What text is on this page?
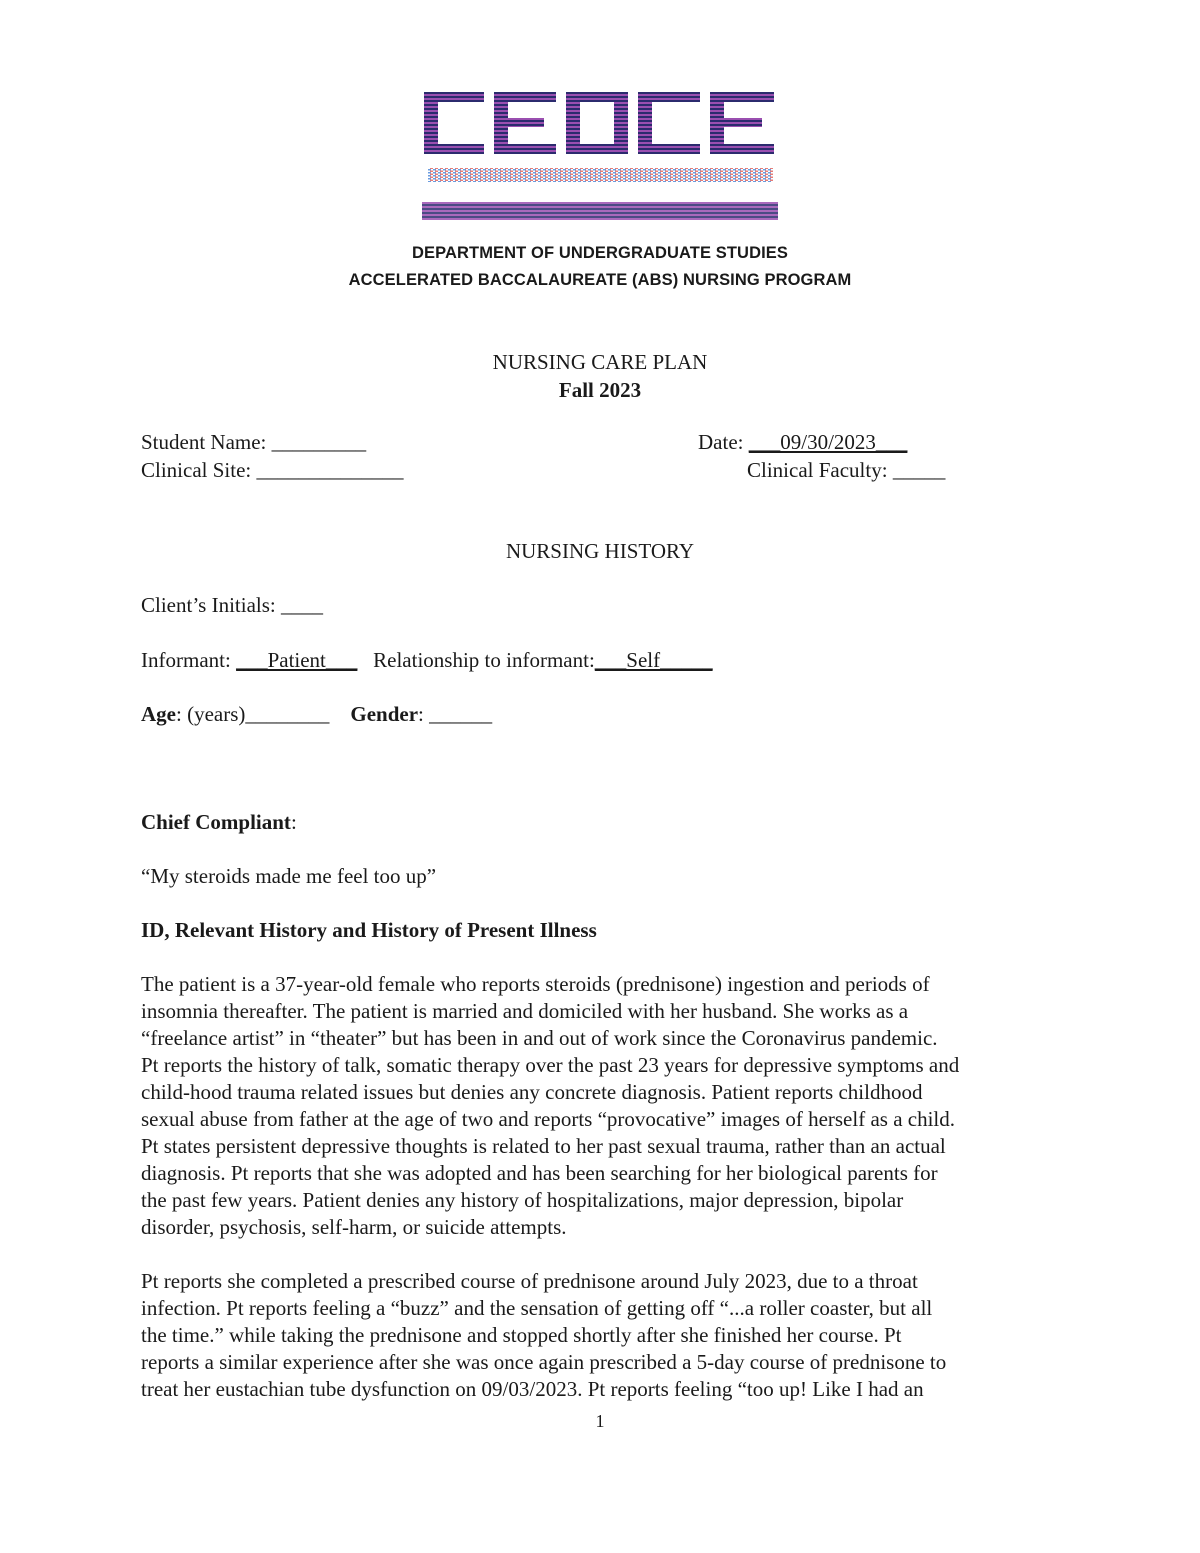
DEPARTMENT OF UNDERGRADUATE STUDIES
ACCELERATED BACCALAUREATE (ABS) NURSING PROGRAM
NURSING CARE PLAN
Fall 2023
Student Name: _________	Date: ___09/30/2023___
Clinical Site: ______________	Clinical Faculty: _____
NURSING HISTORY
Client’s Initials: ____
Informant: ___Patient___ Relationship to informant:___Self_____
Age: (years)________ Gender: ______
Chief Compliant:
“My steroids made me feel too up”
ID, Relevant History and History of Present Illness
The patient is a 37-year-old female who reports steroids (prednisone) ingestion and periods of
insomnia thereafter. The patient is married and domiciled with her husband. She works as a
“freelance artist” in “theater” but has been in and out of work since the Coronavirus pandemic.
Pt reports the history of talk, somatic therapy over the past 23 years for depressive symptoms and
child-hood trauma related issues but denies any concrete diagnosis. Patient reports childhood
sexual abuse from father at the age of two and reports “provocative” images of herself as a child.
Pt states persistent depressive thoughts is related to her past sexual trauma, rather than an actual
diagnosis. Pt reports that she was adopted and has been searching for her biological parents for
the past few years. Patient denies any history of hospitalizations, major depression, bipolar
disorder, psychosis, self-harm, or suicide attempts.
Pt reports she completed a prescribed course of prednisone around July 2023, due to a throat
infection. Pt reports feeling a “buzz” and the sensation of getting off “...a roller coaster, but all
the time.” while taking the prednisone and stopped shortly after she finished her course. Pt
reports a similar experience after she was once again prescribed a 5-day course of prednisone to
treat her eustachian tube dysfunction on 09/03/2023. Pt reports feeling “too up! Like I had an
1
